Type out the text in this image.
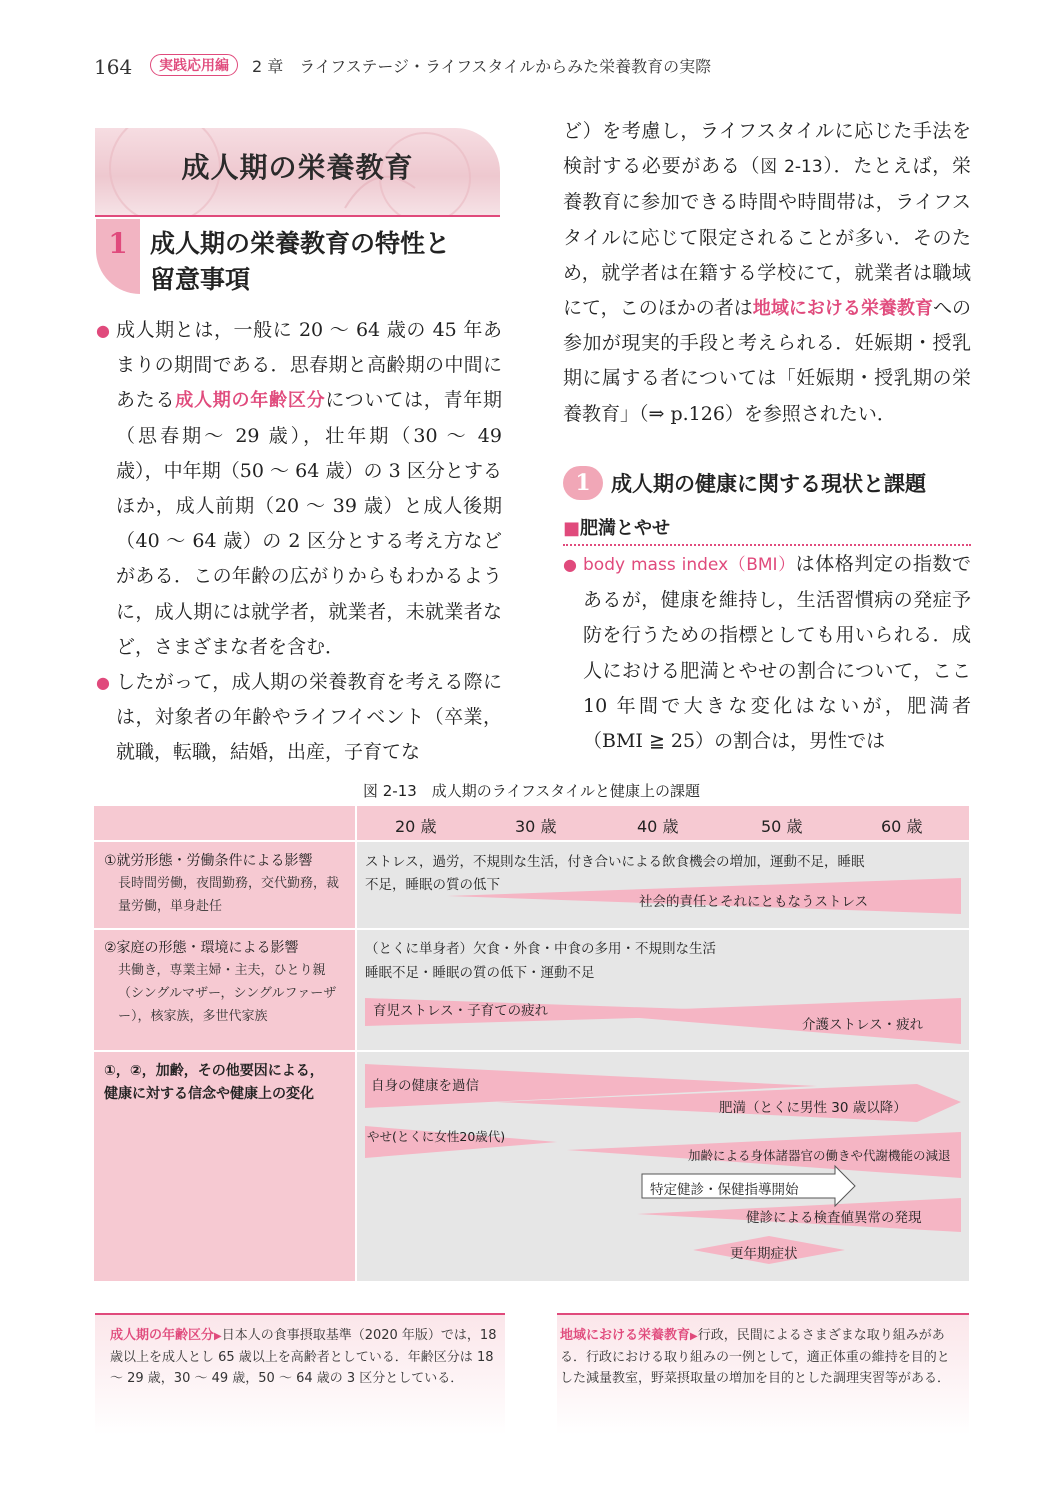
164	実践応用編	2 章　ライフステージ・ライフスタイルからみた栄養教育の実際
成人期の栄養教育
1 成人期の栄養教育の特性と
留意事項
● 成人期とは，一般に 20 〜 64 歳の 45 年あまりの期間である．思春期と高齢期の中間にあたる成人期の年齢区分については，青年期（思春期〜 29 歳），壮年期（30 〜 49 歳），中年期（50 〜 64 歳）の 3 区分とするほか，成人前期（20 〜 39 歳）と成人後期（40 〜 64 歳）の 2 区分とする考え方などがある．この年齢の広がりからもわかるように，成人期には就学者，就業者，未就業者など，さまざまな者を含む．
● したがって，成人期の栄養教育を考える際には，対象者の年齢やライフイベント（卒業，就職，転職，結婚，出産，子育てな
ど）を考慮し，ライフスタイルに応じた手法を検討する必要がある（図 2-13）．たとえば，栄養教育に参加できる時間や時間帯は，ライフスタイルに応じて限定されることが多い．そのため，就学者は在籍する学校にて，就業者は職域にて，このほかの者は地域における栄養教育への参加が現実的手段と考えられる．妊娠期・授乳期に属する者については「妊娠期・授乳期の栄養教育」（⇒ p.126）を参照されたい．
1 成人期の健康に関する現状と課題
■肥満とやせ
● body mass index（BMI）は体格判定の指数であるが，健康を維持し，生活習慣病の発症予防を行うための指標としても用いられる．成人における肥満とやせの割合について，ここ 10 年間で大きな変化はないが，肥満者（BMI ≧ 25）の割合は，男性では
図 2-13　成人期のライフスタイルと健康上の課題
20 歳	30 歳	40 歳	50 歳	60 歳
①就労形態・労働条件による影響
長時間労働，夜間勤務，交代勤務，裁量労働，単身赴任
ストレス，過労，不規則な生活，付き合いによる飲食機会の増加，運動不足，睡眠
不足，睡眠の質の低下
社会的責任とそれにともなうストレス
②家庭の形態・環境による影響
共働き，専業主婦・主夫，ひとり親（シングルマザー，シングルファーザー），核家族，多世代家族
（とくに単身者）欠食・外食・中食の多用・不規則な生活
睡眠不足・睡眠の質の低下・運動不足
育児ストレス・子育ての疲れ
介護ストレス・疲れ
①，②，加齢，その他要因による，
健康に対する信念や健康上の変化	自身の健康を過信
肥満（とくに男性 30 歳以降）
やせ(とくに女性20歳代)
加齢による身体諸器官の働きや代謝機能の減退
特定健診・保健指導開始
健診による検査値異常の発現
更年期症状
成人期の年齢区分▶日本人の食事摂取基準（2020 年版）では，18 歳以上を成人とし 65 歳以上を高齢者としている．年齢区分は 18 〜 29 歳，30 〜 49 歳，50 〜 64 歳の 3 区分としている．
地域における栄養教育▶行政，民間によるさまざまな取り組みがある．行政における取り組みの一例として，適正体重の維持を目的とした減量教室，野菜摂取量の増加を目的とした調理実習等がある．
